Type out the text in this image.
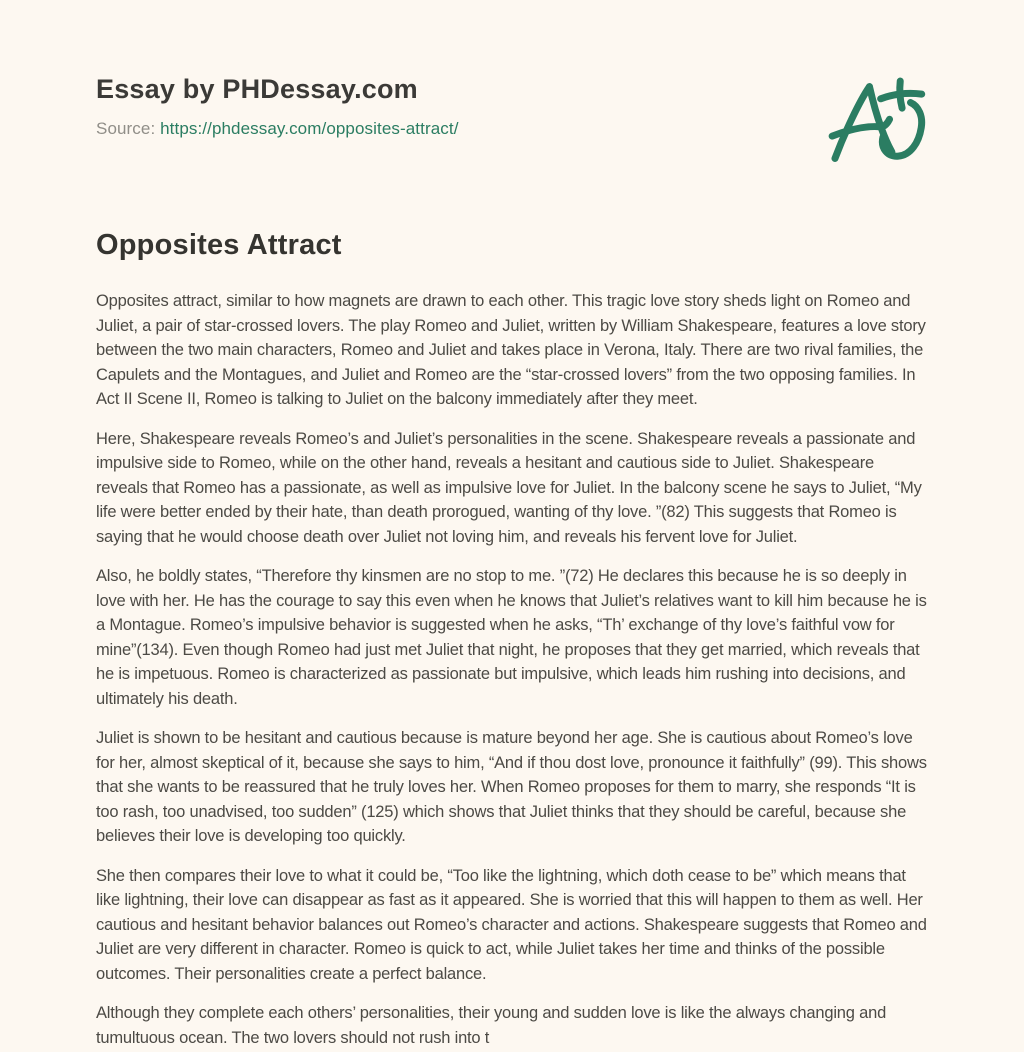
Essay by PHDessay.com
Source: https://phdessay.com/opposites-attract/
Opposites Attract

Opposites attract, similar to how magnets are drawn to each other. This tragic love story sheds light on Romeo and Juliet, a pair of star-crossed lovers. The play Romeo and Juliet, written by William Shakespeare, features a love story between the two main characters, Romeo and Juliet and takes place in Verona, Italy. There are two rival families, the Capulets and the Montagues, and Juliet and Romeo are the “star-crossed lovers” from the two opposing families. In Act II Scene II, Romeo is talking to Juliet on the balcony immediately after they meet.

Here, Shakespeare reveals Romeo’s and Juliet’s personalities in the scene. Shakespeare reveals a passionate and impulsive side to Romeo, while on the other hand, reveals a hesitant and cautious side to Juliet. Shakespeare reveals that Romeo has a passionate, as well as impulsive love for Juliet. In the balcony scene he says to Juliet, “My life were better ended by their hate, than death prorogued, wanting of thy love. ”(82) This suggests that Romeo is saying that he would choose death over Juliet not loving him, and reveals his fervent love for Juliet.

Also, he boldly states, “Therefore thy kinsmen are no stop to me. ”(72) He declares this because he is so deeply in love with her. He has the courage to say this even when he knows that Juliet’s relatives want to kill him because he is a Montague. Romeo’s impulsive behavior is suggested when he asks, “Th’ exchange of thy love’s faithful vow for mine”(134). Even though Romeo had just met Juliet that night, he proposes that they get married, which reveals that he is impetuous. Romeo is characterized as passionate but impulsive, which leads him rushing into decisions, and ultimately his death.

Juliet is shown to be hesitant and cautious because is mature beyond her age. She is cautious about Romeo’s love for her, almost skeptical of it, because she says to him, “And if thou dost love, pronounce it faithfully” (99). This shows that she wants to be reassured that he truly loves her. When Romeo proposes for them to marry, she responds “It is too rash, too unadvised, too sudden” (125) which shows that Juliet thinks that they should be careful, because she believes their love is developing too quickly.

She then compares their love to what it could be, “Too like the lightning, which doth cease to be” which means that like lightning, their love can disappear as fast as it appeared. She is worried that this will happen to them as well. Her cautious and hesitant behavior balances out Romeo’s character and actions. Shakespeare suggests that Romeo and Juliet are very different in character. Romeo is quick to act, while Juliet takes her time and thinks of the possible outcomes. Their personalities create a perfect balance.

Although they complete each others’ personalities, their young and sudden love is like the always changing and tumultuous ocean. The two lovers should not rush into t
